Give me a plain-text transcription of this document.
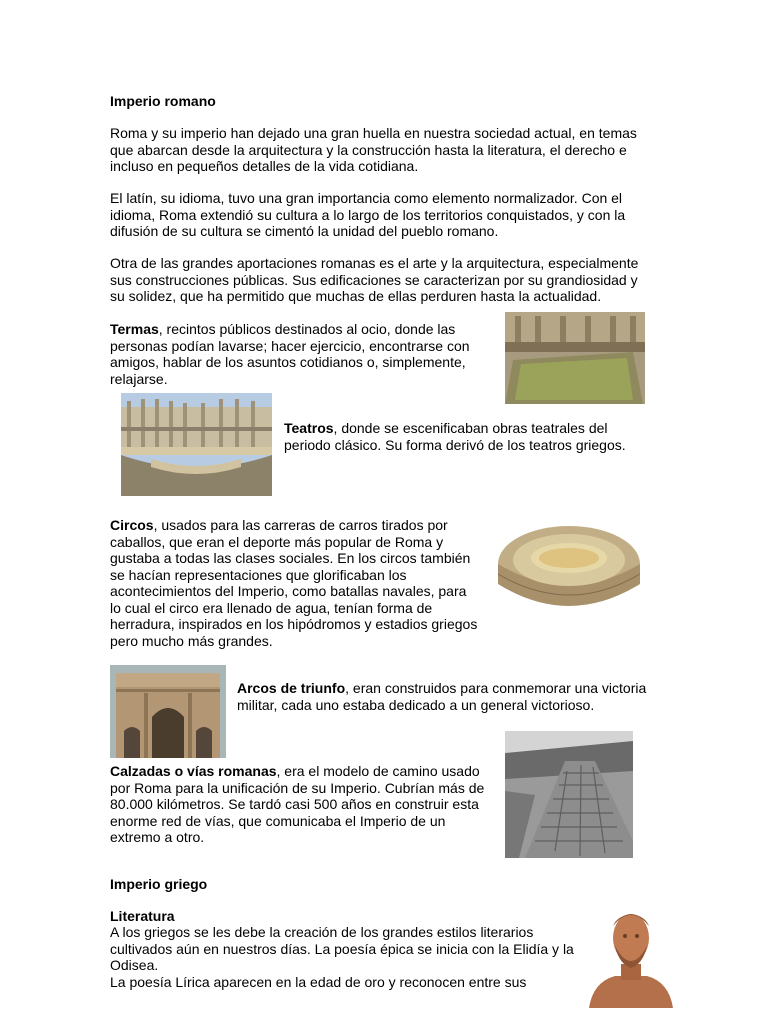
Imperio romano

Roma y su imperio han dejado una gran huella en nuestra sociedad actual, en temas que abarcan desde la arquitectura y la construcción hasta la literatura, el derecho e incluso en pequeños detalles de la vida cotidiana.

El latín, su idioma, tuvo una gran importancia como elemento normalizador. Con el idioma, Roma extendió su cultura a lo largo de los territorios conquistados, y con la difusión de su cultura se cimentó la unidad del pueblo romano.

Otra de las grandes aportaciones romanas es el arte y la arquitectura, especialmente sus construcciones públicas. Sus edificaciones se caracterizan por su grandiosidad y su solidez, que ha permitido que muchas de ellas perduren hasta la actualidad.

Termas, recintos públicos destinados al ocio, donde las personas podían lavarse; hacer ejercicio, encontrarse con amigos, hablar de los asuntos cotidianos o, simplemente, relajarse.

Teatros, donde se escenificaban obras teatrales del periodo clásico. Su forma derivó de los teatros griegos.

Circos, usados para las carreras de carros tirados por caballos, que eran el deporte más popular de Roma y gustaba a todas las clases sociales. En los circos también se hacían representaciones que glorificaban los acontecimientos del Imperio, como batallas navales, para lo cual el circo era llenado de agua, tenían forma de herradura, inspirados en los hipódromos y estadios griegos pero mucho más grandes.

Arcos de triunfo, eran construidos para conmemorar una victoria militar, cada uno estaba dedicado a un general victorioso.

Calzadas o vías romanas, era el modelo de camino usado por Roma para la unificación de su Imperio. Cubrían más de 80.000 kilómetros. Se tardó casi 500 años en construir esta enorme red de vías, que comunicaba el Imperio de un extremo a otro.

Imperio griego
Literatura

A los griegos se les debe la creación de los grandes estilos literarios cultivados aún en nuestros días. La poesía épica se inicia con la Elidía y la Odisea.

La poesía Lírica aparecen en la edad de oro y reconocen entre sus
